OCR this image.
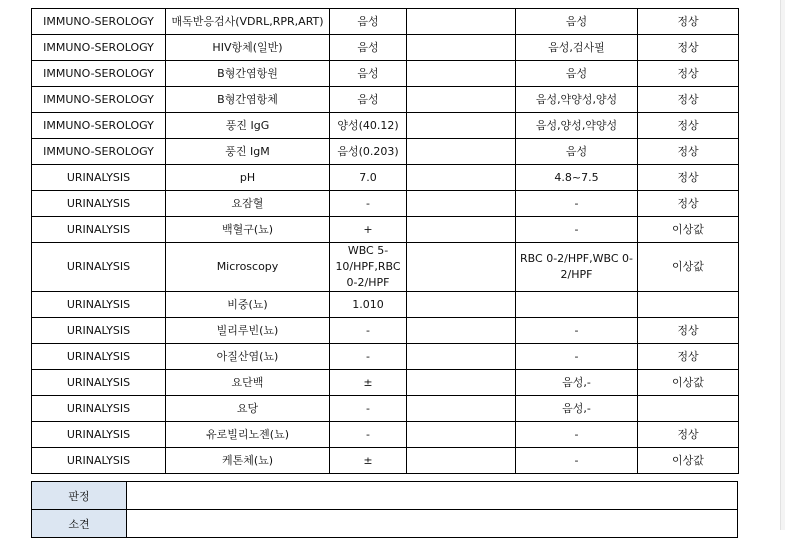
IMMUNO-SEROLOGY	매독반응검사(VDRL,RPR,ART)	음성		음성	정상
IMMUNO-SEROLOGY	HIV항체(일반)	음성		음성,검사필	정상
IMMUNO-SEROLOGY	B형간염항원	음성		음성	정상
IMMUNO-SEROLOGY	B형간염항체	음성		음성,약양성,양성	정상
IMMUNO-SEROLOGY	풍진 IgG	양성(40.12)		음성,양성,약양성	정상
IMMUNO-SEROLOGY	풍진 IgM	음성(0.203)		음성	정상
URINALYSIS	pH	7.0		4.8~7.5	정상
URINALYSIS	요잠혈	-		-	정상
URINALYSIS	백혈구(뇨)	+		-	이상값
URINALYSIS	Microscopy	WBC 5-10/HPF,RBC 0-2/HPF		RBC 0-2/HPF,WBC 0-2/HPF	이상값
URINALYSIS	비중(뇨)	1.010			
URINALYSIS	빌리루빈(뇨)	-		-	정상
URINALYSIS	아질산염(뇨)	-		-	정상
URINALYSIS	요단백	±		음성,-	이상값
URINALYSIS	요당	-		음성,-	
URINALYSIS	유로빌리노젠(뇨)	-		-	정상
URINALYSIS	케톤체(뇨)	±		-	이상값
판정	
소견	
